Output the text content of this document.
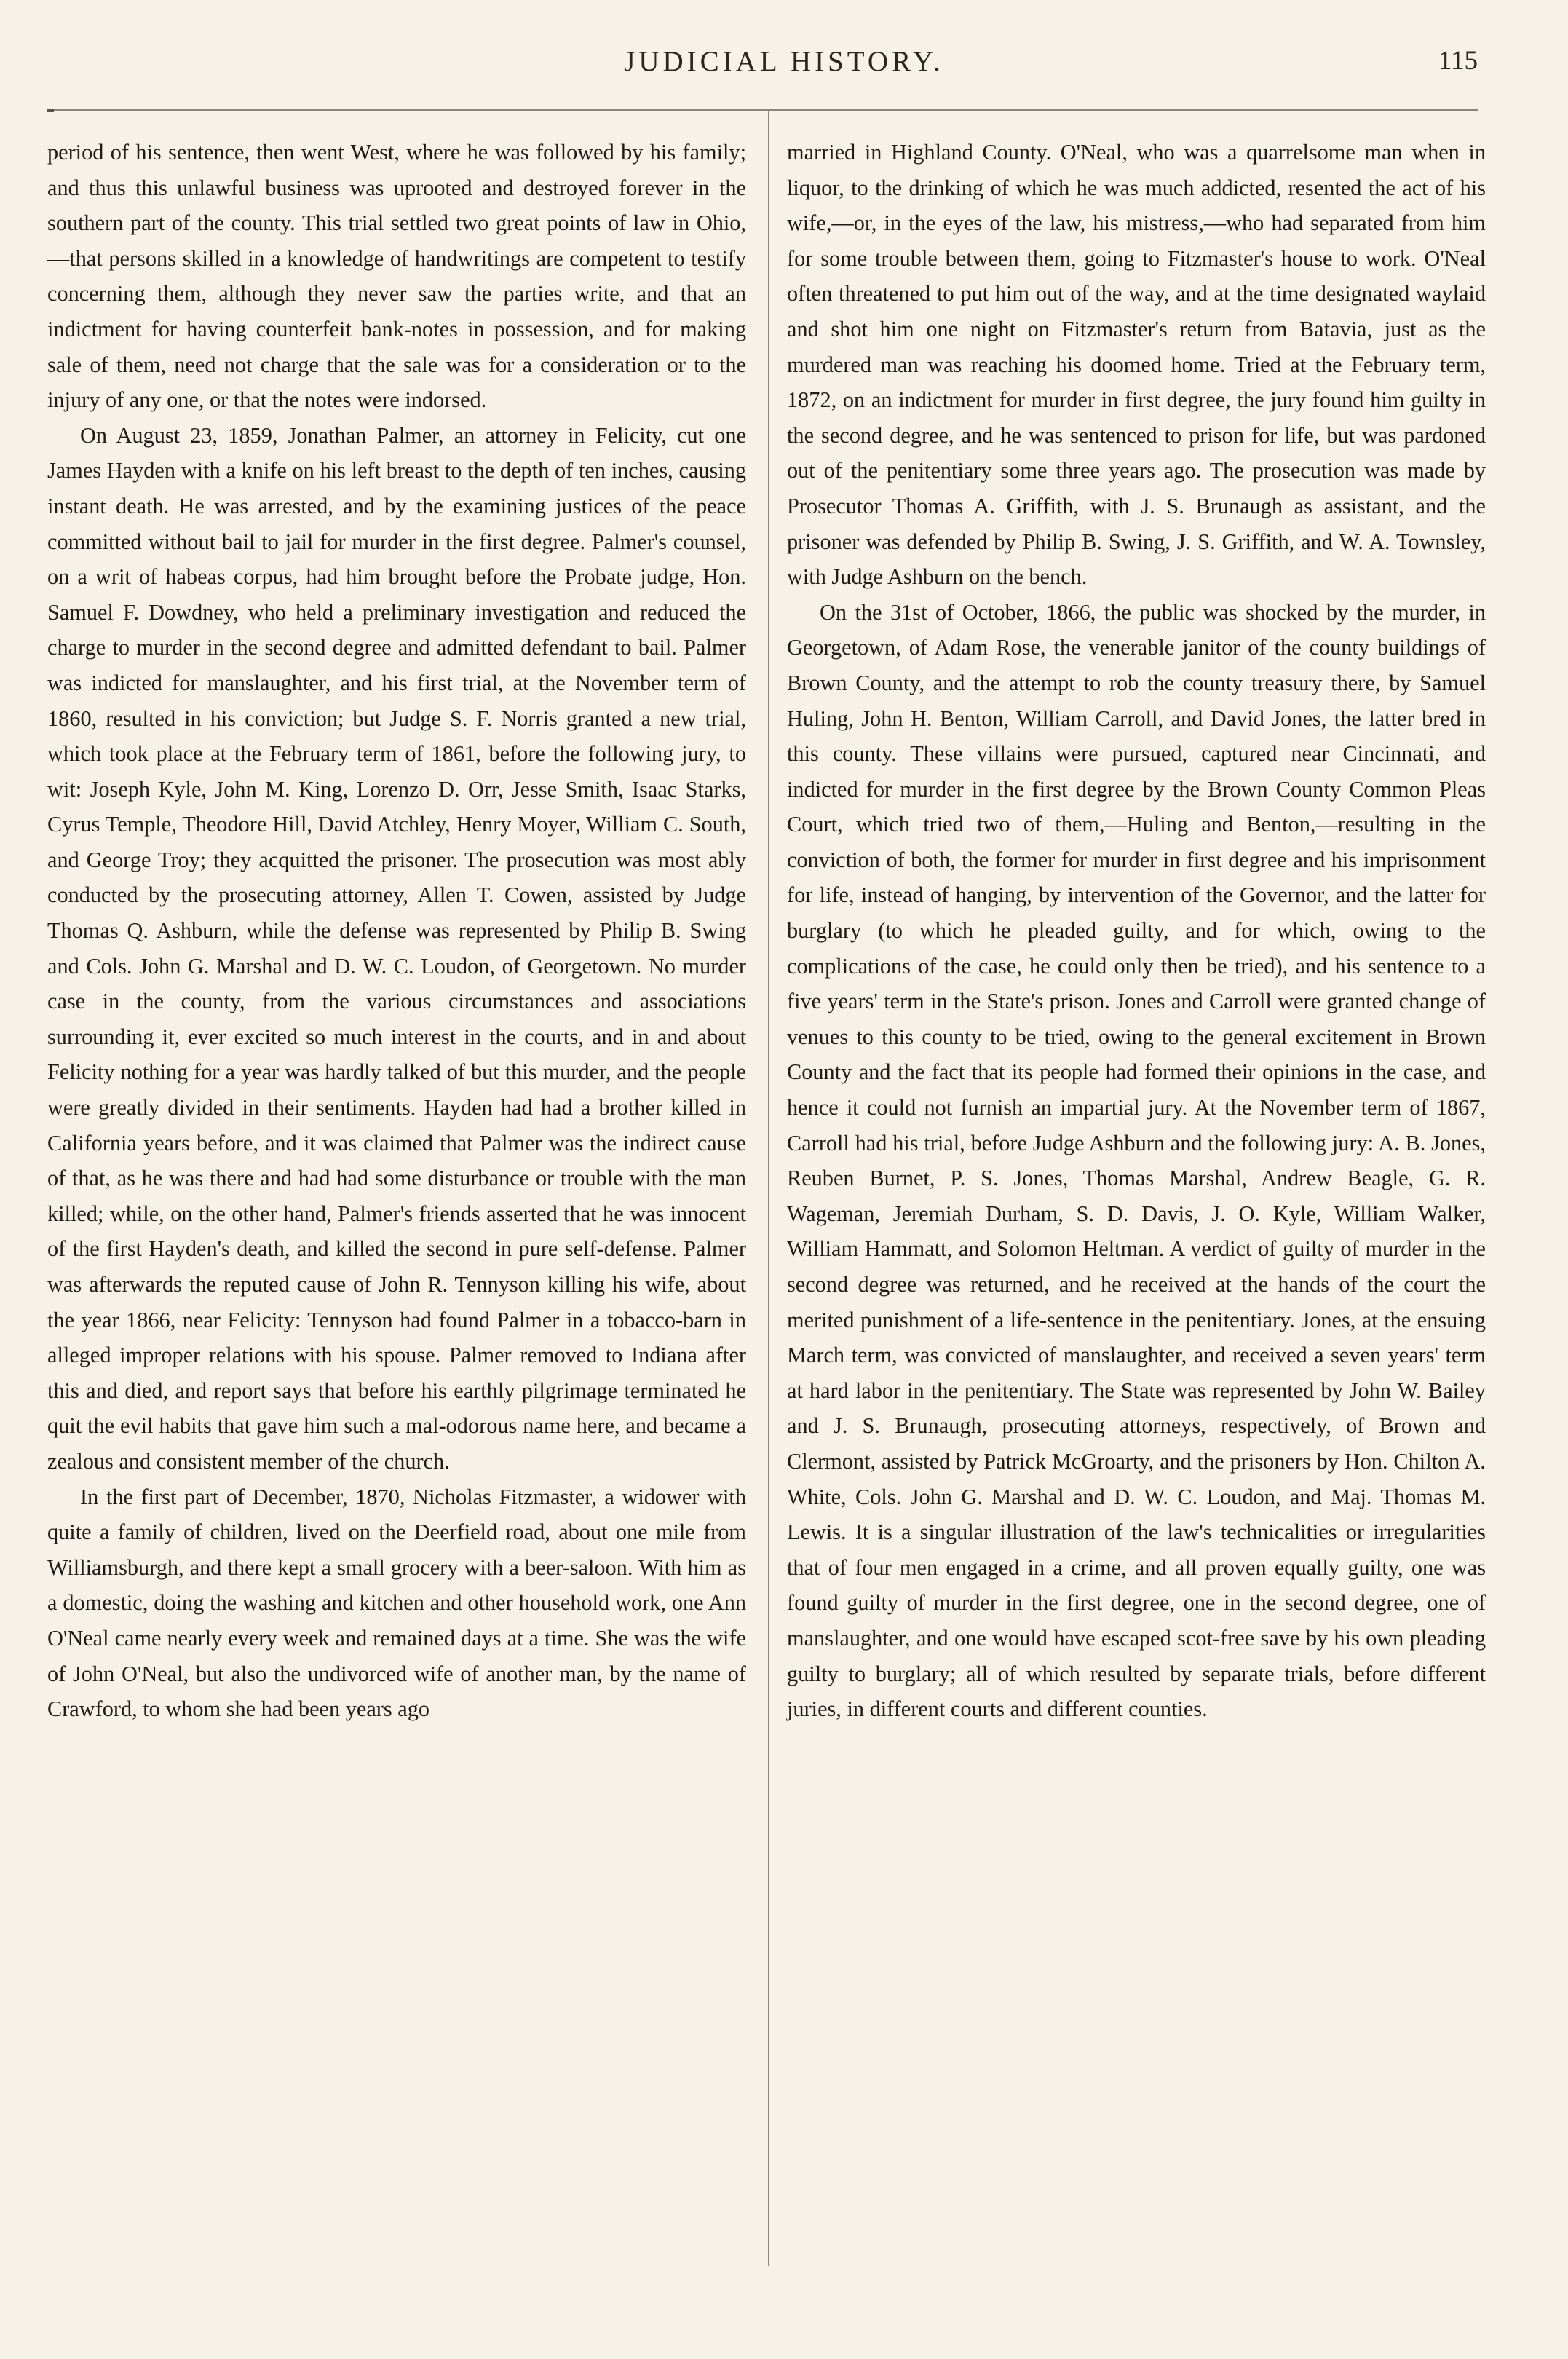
JUDICIAL HISTORY.	115

period of his sentence, then went West, where he was followed by his family; and thus this unlawful business was uprooted and destroyed forever in the southern part of the county. This trial settled two great points of law in Ohio, —that persons skilled in a knowledge of handwritings are competent to testify concerning them, although they never saw the parties write, and that an indictment for having counterfeit bank-notes in possession, and for making sale of them, need not charge that the sale was for a consideration or to the injury of any one, or that the notes were indorsed.

On August 23, 1859, Jonathan Palmer, an attorney in Felicity, cut one James Hayden with a knife on his left breast to the depth of ten inches, causing instant death. He was arrested, and by the examining justices of the peace committed without bail to jail for murder in the first degree. Palmer's counsel, on a writ of habeas corpus, had him brought before the Probate judge, Hon. Samuel F. Dowdney, who held a preliminary investigation and reduced the charge to murder in the second degree and admitted defendant to bail. Palmer was indicted for manslaughter, and his first trial, at the November term of 1860, resulted in his conviction; but Judge S. F. Norris granted a new trial, which took place at the February term of 1861, before the following jury, to wit: Joseph Kyle, John M. King, Lorenzo D. Orr, Jesse Smith, Isaac Starks, Cyrus Temple, Theodore Hill, David Atchley, Henry Moyer, William C. South, and George Troy; they acquitted the prisoner. The prosecution was most ably conducted by the prosecuting attorney, Allen T. Cowen, assisted by Judge Thomas Q. Ashburn, while the defense was represented by Philip B. Swing and Cols. John G. Marshal and D. W. C. Loudon, of Georgetown. No murder case in the county, from the various circumstances and associations surrounding it, ever excited so much interest in the courts, and in and about Felicity nothing for a year was hardly talked of but this murder, and the people were greatly divided in their sentiments. Hayden had had a brother killed in California years before, and it was claimed that Palmer was the indirect cause of that, as he was there and had had some disturbance or trouble with the man killed; while, on the other hand, Palmer's friends asserted that he was innocent of the first Hayden's death, and killed the second in pure self-defense. Palmer was afterwards the reputed cause of John R. Tennyson killing his wife, about the year 1866, near Felicity: Tennyson had found Palmer in a tobacco-barn in alleged improper relations with his spouse. Palmer removed to Indiana after this and died, and report says that before his earthly pilgrimage terminated he quit the evil habits that gave him such a mal-odorous name here, and became a zealous and consistent member of the church.

In the first part of December, 1870, Nicholas Fitzmaster, a widower with quite a family of children, lived on the Deerfield road, about one mile from Williamsburgh, and there kept a small grocery with a beer-saloon. With him as a domestic, doing the washing and kitchen and other household work, one Ann O'Neal came nearly every week and remained days at a time. She was the wife of John O'Neal, but also the undivorced wife of another man, by the name of Crawford, to whom she had been years ago

married in Highland County. O'Neal, who was a quarrelsome man when in liquor, to the drinking of which he was much addicted, resented the act of his wife,—or, in the eyes of the law, his mistress,—who had separated from him for some trouble between them, going to Fitzmaster's house to work. O'Neal often threatened to put him out of the way, and at the time designated waylaid and shot him one night on Fitzmaster's return from Batavia, just as the murdered man was reaching his doomed home. Tried at the February term, 1872, on an indictment for murder in first degree, the jury found him guilty in the second degree, and he was sentenced to prison for life, but was pardoned out of the penitentiary some three years ago. The prosecution was made by Prosecutor Thomas A. Griffith, with J. S. Brunaugh as assistant, and the prisoner was defended by Philip B. Swing, J. S. Griffith, and W. A. Townsley, with Judge Ashburn on the bench.

On the 31st of October, 1866, the public was shocked by the murder, in Georgetown, of Adam Rose, the venerable janitor of the county buildings of Brown County, and the attempt to rob the county treasury there, by Samuel Huling, John H. Benton, William Carroll, and David Jones, the latter bred in this county. These villains were pursued, captured near Cincinnati, and indicted for murder in the first degree by the Brown County Common Pleas Court, which tried two of them,—Huling and Benton,—resulting in the conviction of both, the former for murder in first degree and his imprisonment for life, instead of hanging, by intervention of the Governor, and the latter for burglary (to which he pleaded guilty, and for which, owing to the complications of the case, he could only then be tried), and his sentence to a five years' term in the State's prison. Jones and Carroll were granted change of venues to this county to be tried, owing to the general excitement in Brown County and the fact that its people had formed their opinions in the case, and hence it could not furnish an impartial jury. At the November term of 1867, Carroll had his trial, before Judge Ashburn and the following jury: A. B. Jones, Reuben Burnet, P. S. Jones, Thomas Marshal, Andrew Beagle, G. R. Wageman, Jeremiah Durham, S. D. Davis, J. O. Kyle, William Walker, William Hammatt, and Solomon Heltman. A verdict of guilty of murder in the second degree was returned, and he received at the hands of the court the merited punishment of a life-sentence in the penitentiary. Jones, at the ensuing March term, was convicted of manslaughter, and received a seven years' term at hard labor in the penitentiary. The State was represented by John W. Bailey and J. S. Brunaugh, prosecuting attorneys, respectively, of Brown and Clermont, assisted by Patrick McGroarty, and the prisoners by Hon. Chilton A. White, Cols. John G. Marshal and D. W. C. Loudon, and Maj. Thomas M. Lewis. It is a singular illustration of the law's technicalities or irregularities that of four men engaged in a crime, and all proven equally guilty, one was found guilty of murder in the first degree, one in the second degree, one of manslaughter, and one would have escaped scot-free save by his own pleading guilty to burglary; all of which resulted by separate trials, before different juries, in different courts and different counties.
